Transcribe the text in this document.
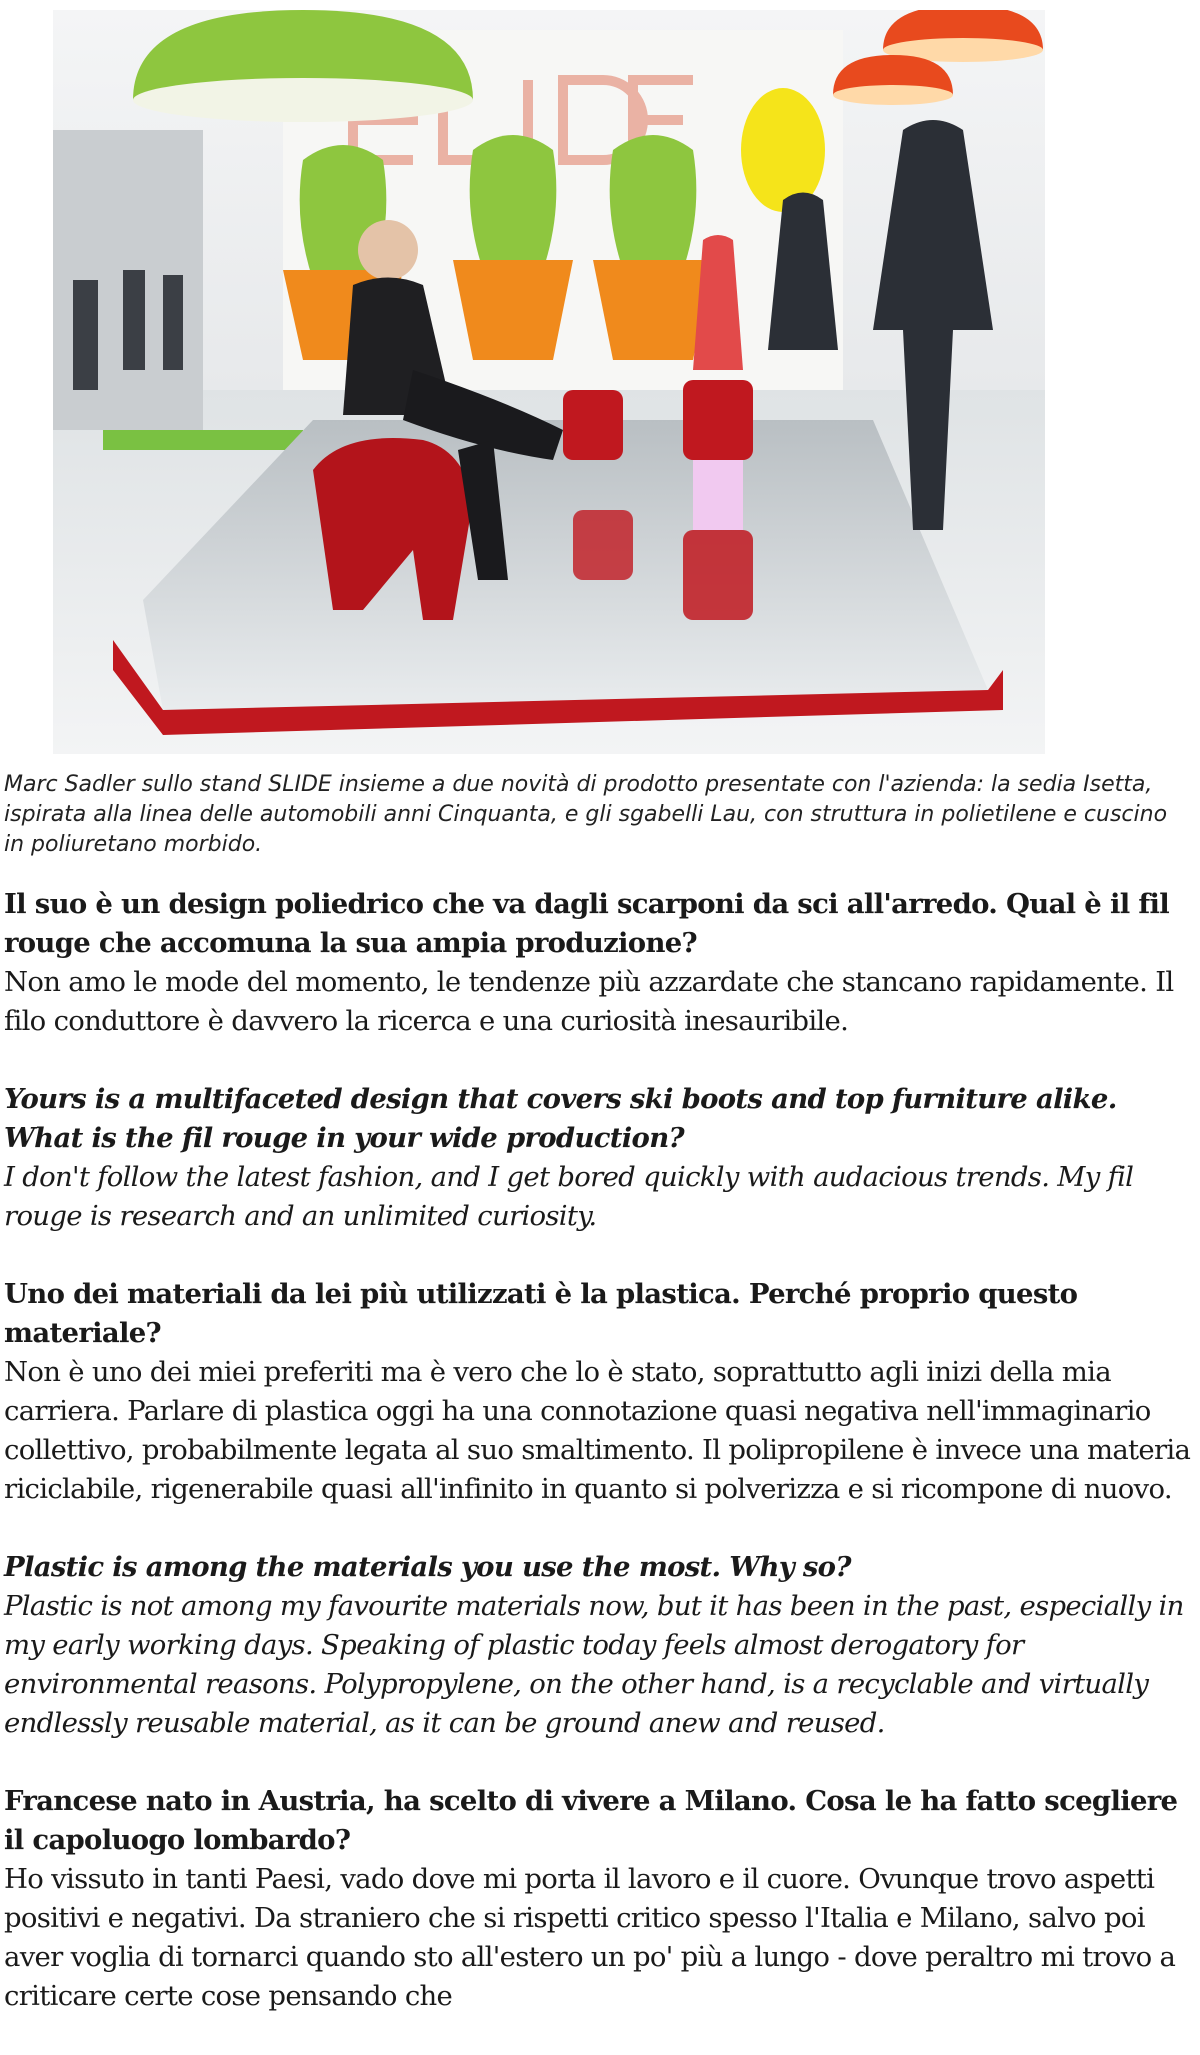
Marc Sadler sullo stand SLIDE insieme a due novità di prodotto presentate con l'azienda: la sedia Isetta, ispirata alla linea delle automobili anni Cinquanta, e gli sgabelli Lau, con struttura in polietilene e cuscino in poliuretano morbido.

Il suo è un design poliedrico che va dagli scarponi da sci all'arredo. Qual è il fil rouge che accomuna la sua ampia produzione?

Non amo le mode del momento, le tendenze più azzardate che stancano rapidamente. Il filo conduttore è davvero la ricerca e una curiosità inesauribile.

Yours is a multifaceted design that covers ski boots and top furniture alike. What is the fil rouge in your wide production?

I don't follow the latest fashion, and I get bored quickly with audacious trends. My fil rouge is research and an unlimited curiosity.

Uno dei materiali da lei più utilizzati è la plastica. Perché proprio questo materiale?

Non è uno dei miei preferiti ma è vero che lo è stato, soprattutto agli inizi della mia carriera. Parlare di plastica oggi ha una connotazione quasi negativa nell'immaginario collettivo, probabilmente legata al suo smaltimento. Il polipropilene è invece una materia riciclabile, rigenerabile quasi all'infinito in quanto si polverizza e si ricompone di nuovo.

Plastic is among the materials you use the most. Why so?

Plastic is not among my favourite materials now, but it has been in the past, especially in my early working days. Speaking of plastic today feels almost derogatory for environmental reasons. Polypropylene, on the other hand, is a recyclable and virtually endlessly reusable material, as it can be ground anew and reused.

Francese nato in Austria, ha scelto di vivere a Milano. Cosa le ha fatto scegliere il capoluogo lombardo?

Ho vissuto in tanti Paesi, vado dove mi porta il lavoro e il cuore. Ovunque trovo aspetti positivi e negativi. Da straniero che si rispetti critico spesso l'Italia e Milano, salvo poi aver voglia di tornarci quando sto all'estero un po' più a lungo - dove peraltro mi trovo a criticare certe cose pensando che
